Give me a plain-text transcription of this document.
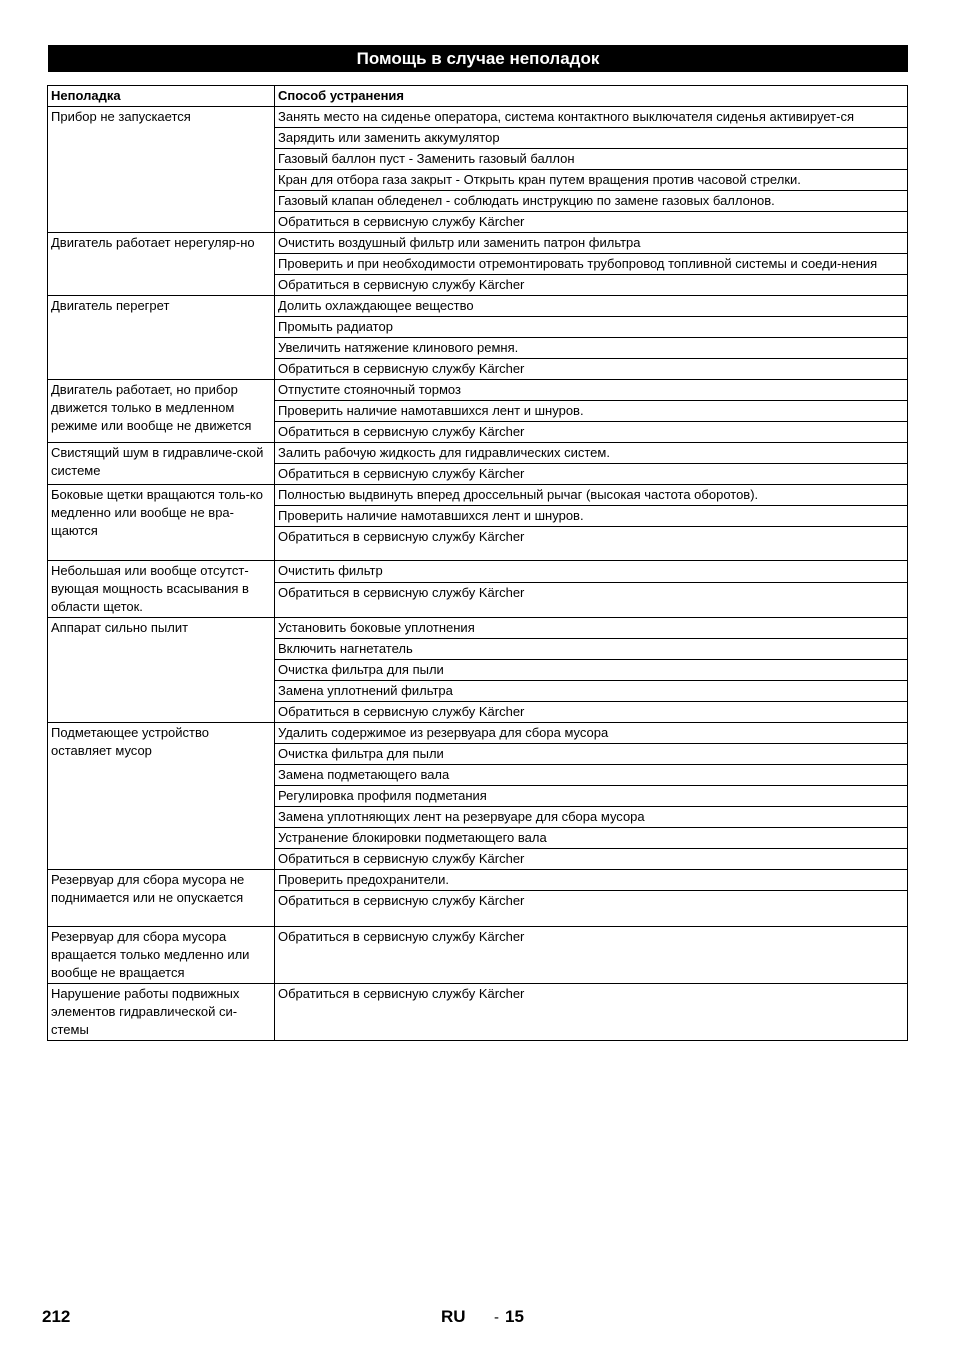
Помощь в случае неполадок
Неполадка	Способ устранения
Прибор не запускается	Занять место на сиденье оператора, система контактного выключателя сиденья активирует-ся
	Зарядить или заменить аккумулятор
	Газовый баллон пуст - Заменить газовый баллон
	Кран для отбора газа закрыт - Открыть кран путем вращения против часовой стрелки.
	Газовый клапан обледенел - соблюдать инструкцию по замене газовых баллонов.
	Обратиться в сервисную службу Kärcher
Двигатель работает нерегуляр-но	Очистить воздушный фильтр или заменить патрон фильтра
	Проверить и при необходимости отремонтировать трубопровод топливной системы и соеди-нения
	Обратиться в сервисную службу Kärcher
Двигатель перегрет	Долить охлаждающее вещество
	Промыть радиатор
	Увеличить натяжение клинового ремня.
	Обратиться в сервисную службу Kärcher
Двигатель работает, но прибор движется только в медленном режиме или вообще не движется	Отпустите стояночный тормоз
	Проверить наличие намотавшихся лент и шнуров.
	Обратиться в сервисную службу Kärcher
Свистящий шум в гидравличе-ской системе	Залить рабочую жидкость для гидравлических систем.
	Обратиться в сервисную службу Kärcher
Боковые щетки вращаются толь-ко медленно или вообще не вра-щаются	Полностью выдвинуть вперед дроссельный рычаг (высокая частота оборотов).
	Проверить наличие намотавшихся лент и шнуров.
	Обратиться в сервисную службу Kärcher
Небольшая или вообще отсутст-вующая мощность всасывания в области щеток.	Очистить фильтр
	Обратиться в сервисную службу Kärcher
Аппарат сильно пылит	Установить боковые уплотнения
	Включить нагнетатель
	Очистка фильтра для пыли
	Замена уплотнений фильтра
	Обратиться в сервисную службу Kärcher
Подметающее устройство оставляет мусор	Удалить содержимое из резервуара для сбора мусора
	Очистка фильтра для пыли
	Замена подметающего вала
	Регулировка профиля подметания
	Замена уплотняющих лент на резервуаре для сбора мусора
	Устранение блокировки подметающего вала
	Обратиться в сервисную службу Kärcher
Резервуар для сбора мусора не поднимается или не опускается	Проверить предохранители.
	Обратиться в сервисную службу Kärcher
Резервуар для сбора мусора вращается только медленно или вообще не вращается	Обратиться в сервисную службу Kärcher
Нарушение работы подвижных элементов гидравлической си-стемы	Обратиться в сервисную службу Kärcher
212	RU - 15
